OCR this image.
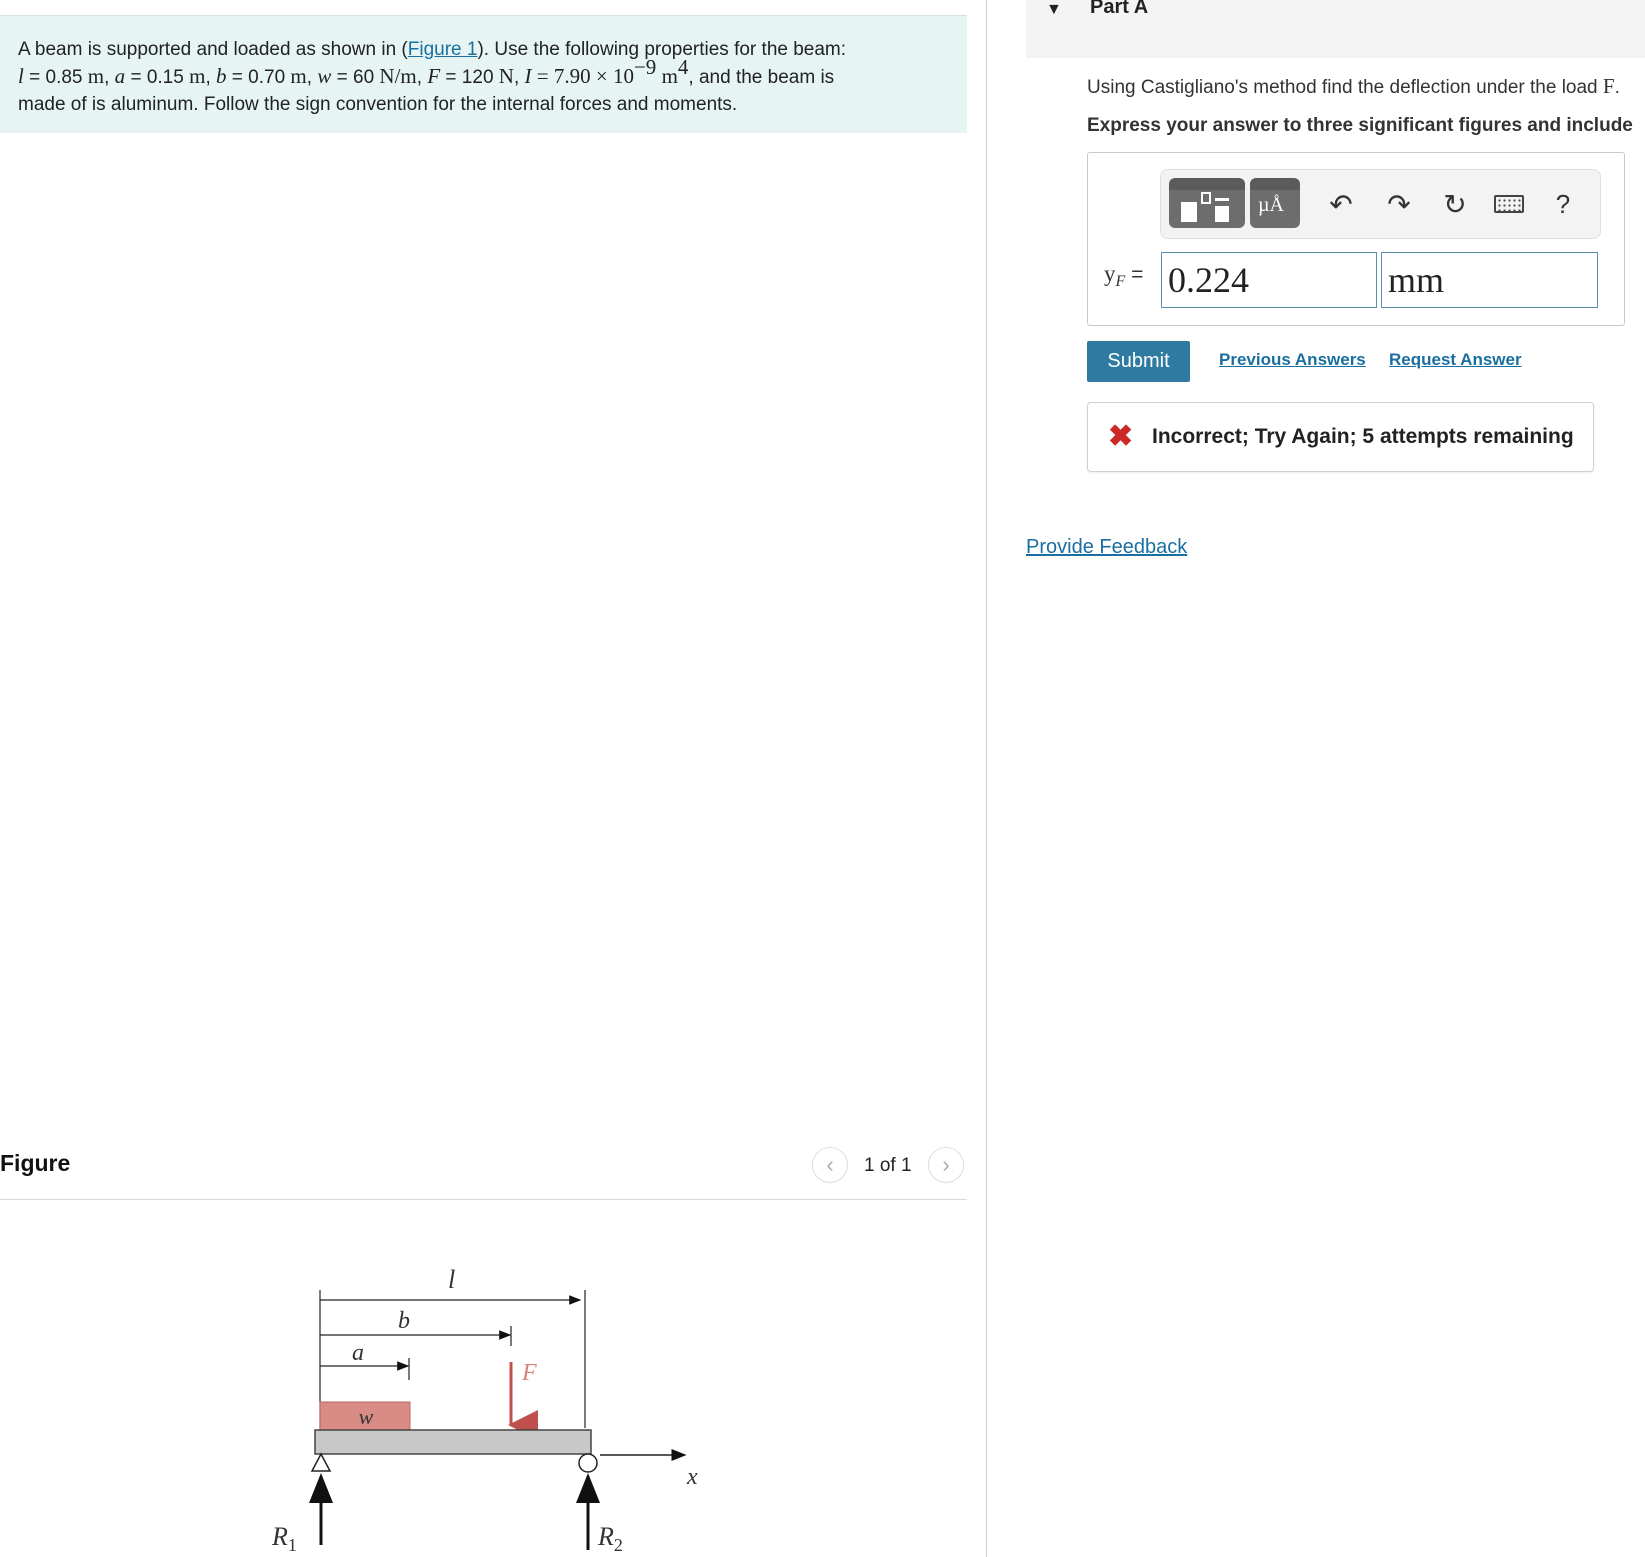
A beam is supported and loaded as shown in (Figure 1). Use the following properties for the beam:
l = 0.85 m, a = 0.15 m, b = 0.70 m, w = 60 N/m, F = 120 N, $I = 7.90 \times 10^{-9}$ $m^4$, and the beam is
made of is aluminum. Follow the sign convention for the internal forces and moments.
Figure	‹ 1 of 1 ›
l
b
a
w
F
x
$R_1$	$R_2$
▼ Part A
Using Castigliano's method find the deflection under the load F.
Express your answer to three significant figures and include
µÅ ↶ ↷ ↻	?
$y_F$ =
0.224
mm
Submit	Previous Answers Request Answer
✖ Incorrect; Try Again; 5 attempts remaining
Provide Feedback
